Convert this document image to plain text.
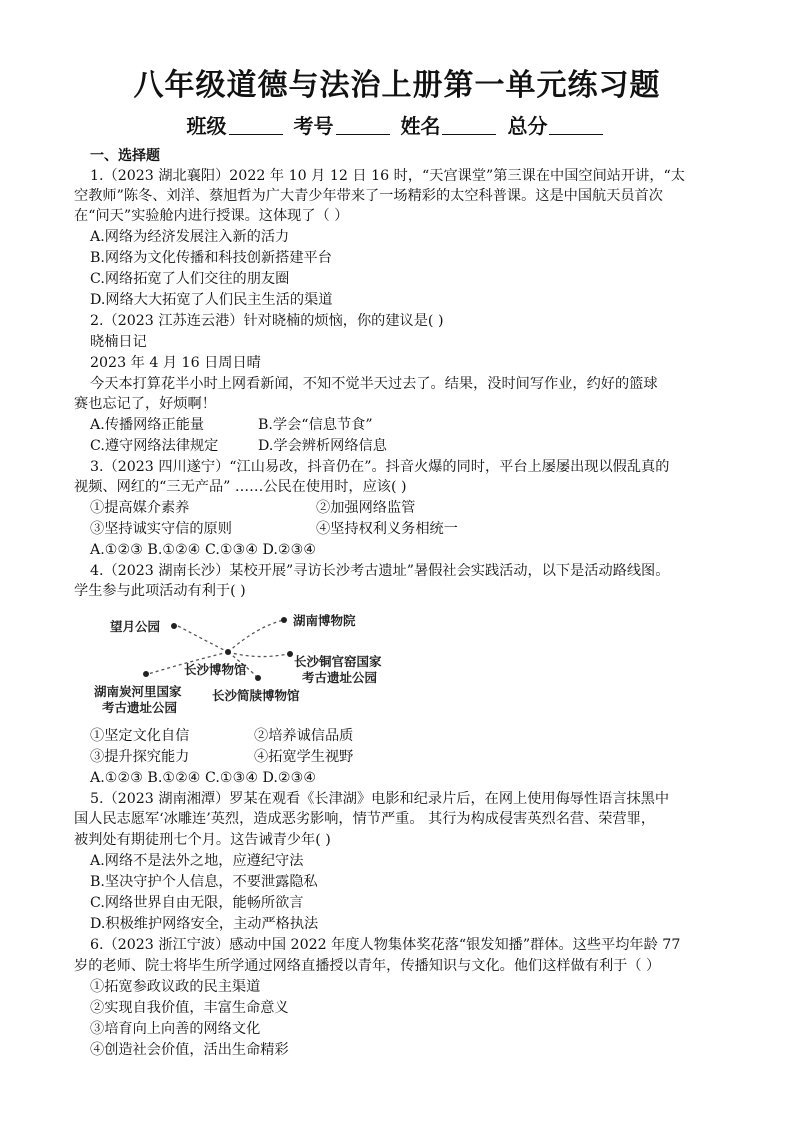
八年级道德与法治上册第一单元练习题
班级	考号	姓名	总分
一、选择题
1.（2023 湖北襄阳）2022 年 10 月 12 日 16 时，“天宫课堂”第三课在中国空间站开讲，“太
空教师”陈冬、刘洋、蔡旭哲为广大青少年带来了一场精彩的太空科普课。这是中国航天员首次
在“问天”实验舱内进行授课。这体现了（ ）
A.网络为经济发展注入新的活力
B.网络为文化传播和科技创新搭建平台
C.网络拓宽了人们交往的朋友圈
D.网络大大拓宽了人们民主生活的渠道
2.（2023 江苏连云港）针对晓楠的烦恼，你的建议是( )
晓楠日记
2023 年 4 月 16 日周日晴
今天本打算花半小时上网看新闻，不知不觉半天过去了。结果，没时间写作业，约好的篮球
赛也忘记了，好烦啊！
A.传播网络正能量	B.学会“信息节食”
C.遵守网络法律规定	D.学会辨析网络信息
3.（2023 四川遂宁）“江山易改，抖音仍在”。抖音火爆的同时，平台上屡屡出现以假乱真的
视频、网红的“三无产品” ……公民在使用时，应该( )
①提高媒介素养	②加强网络监管
③坚持诚实守信的原则	④坚持权利义务相统一
A.①②③ B.①②④ C.①③④ D.②③④
4.（2023 湖南长沙）某校开展”寻访长沙考古遗址”暑假社会实践活动，以下是活动路线图。
学生参与此项活动有利于( )
望月公园	湖南博物院
长沙博物馆
长沙铜官窑国家
考古遗址公园
湖南炭河里国家
考古遗址公园
长沙简牍博物馆
①坚定文化自信	②培养诚信品质
③提升探究能力	④拓宽学生视野
A.①②③ B.①②④ C.①③④ D.②③④
5.（2023 湖南湘潭）罗某在观看《长津湖》电影和纪录片后，在网上使用侮辱性语言抹黑中
国人民志愿军‘冰雕连’英烈，造成恶劣影响，情节严重。 其行为构成侵害英烈名营、荣营罪，
被判处有期徒刑七个月。这告诫青少年( )
A.网络不是法外之地，应遵纪守法
B.坚决守护个人信息，不要泄露隐私
C.网络世界自由无限，能畅所欲言
D.积极维护网络安全，主动严格执法
6.（2023 浙江宁波）感动中国 2022 年度人物集体奖花落“银发知播”群体。这些平均年龄 77
岁的老师、院士将毕生所学通过网络直播授以青年，传播知识与文化。他们这样做有利于（ ）
①拓宽参政议政的民主渠道
②实现自我价值，丰富生命意义
③培育向上向善的网络文化
④创造社会价值，活出生命精彩
